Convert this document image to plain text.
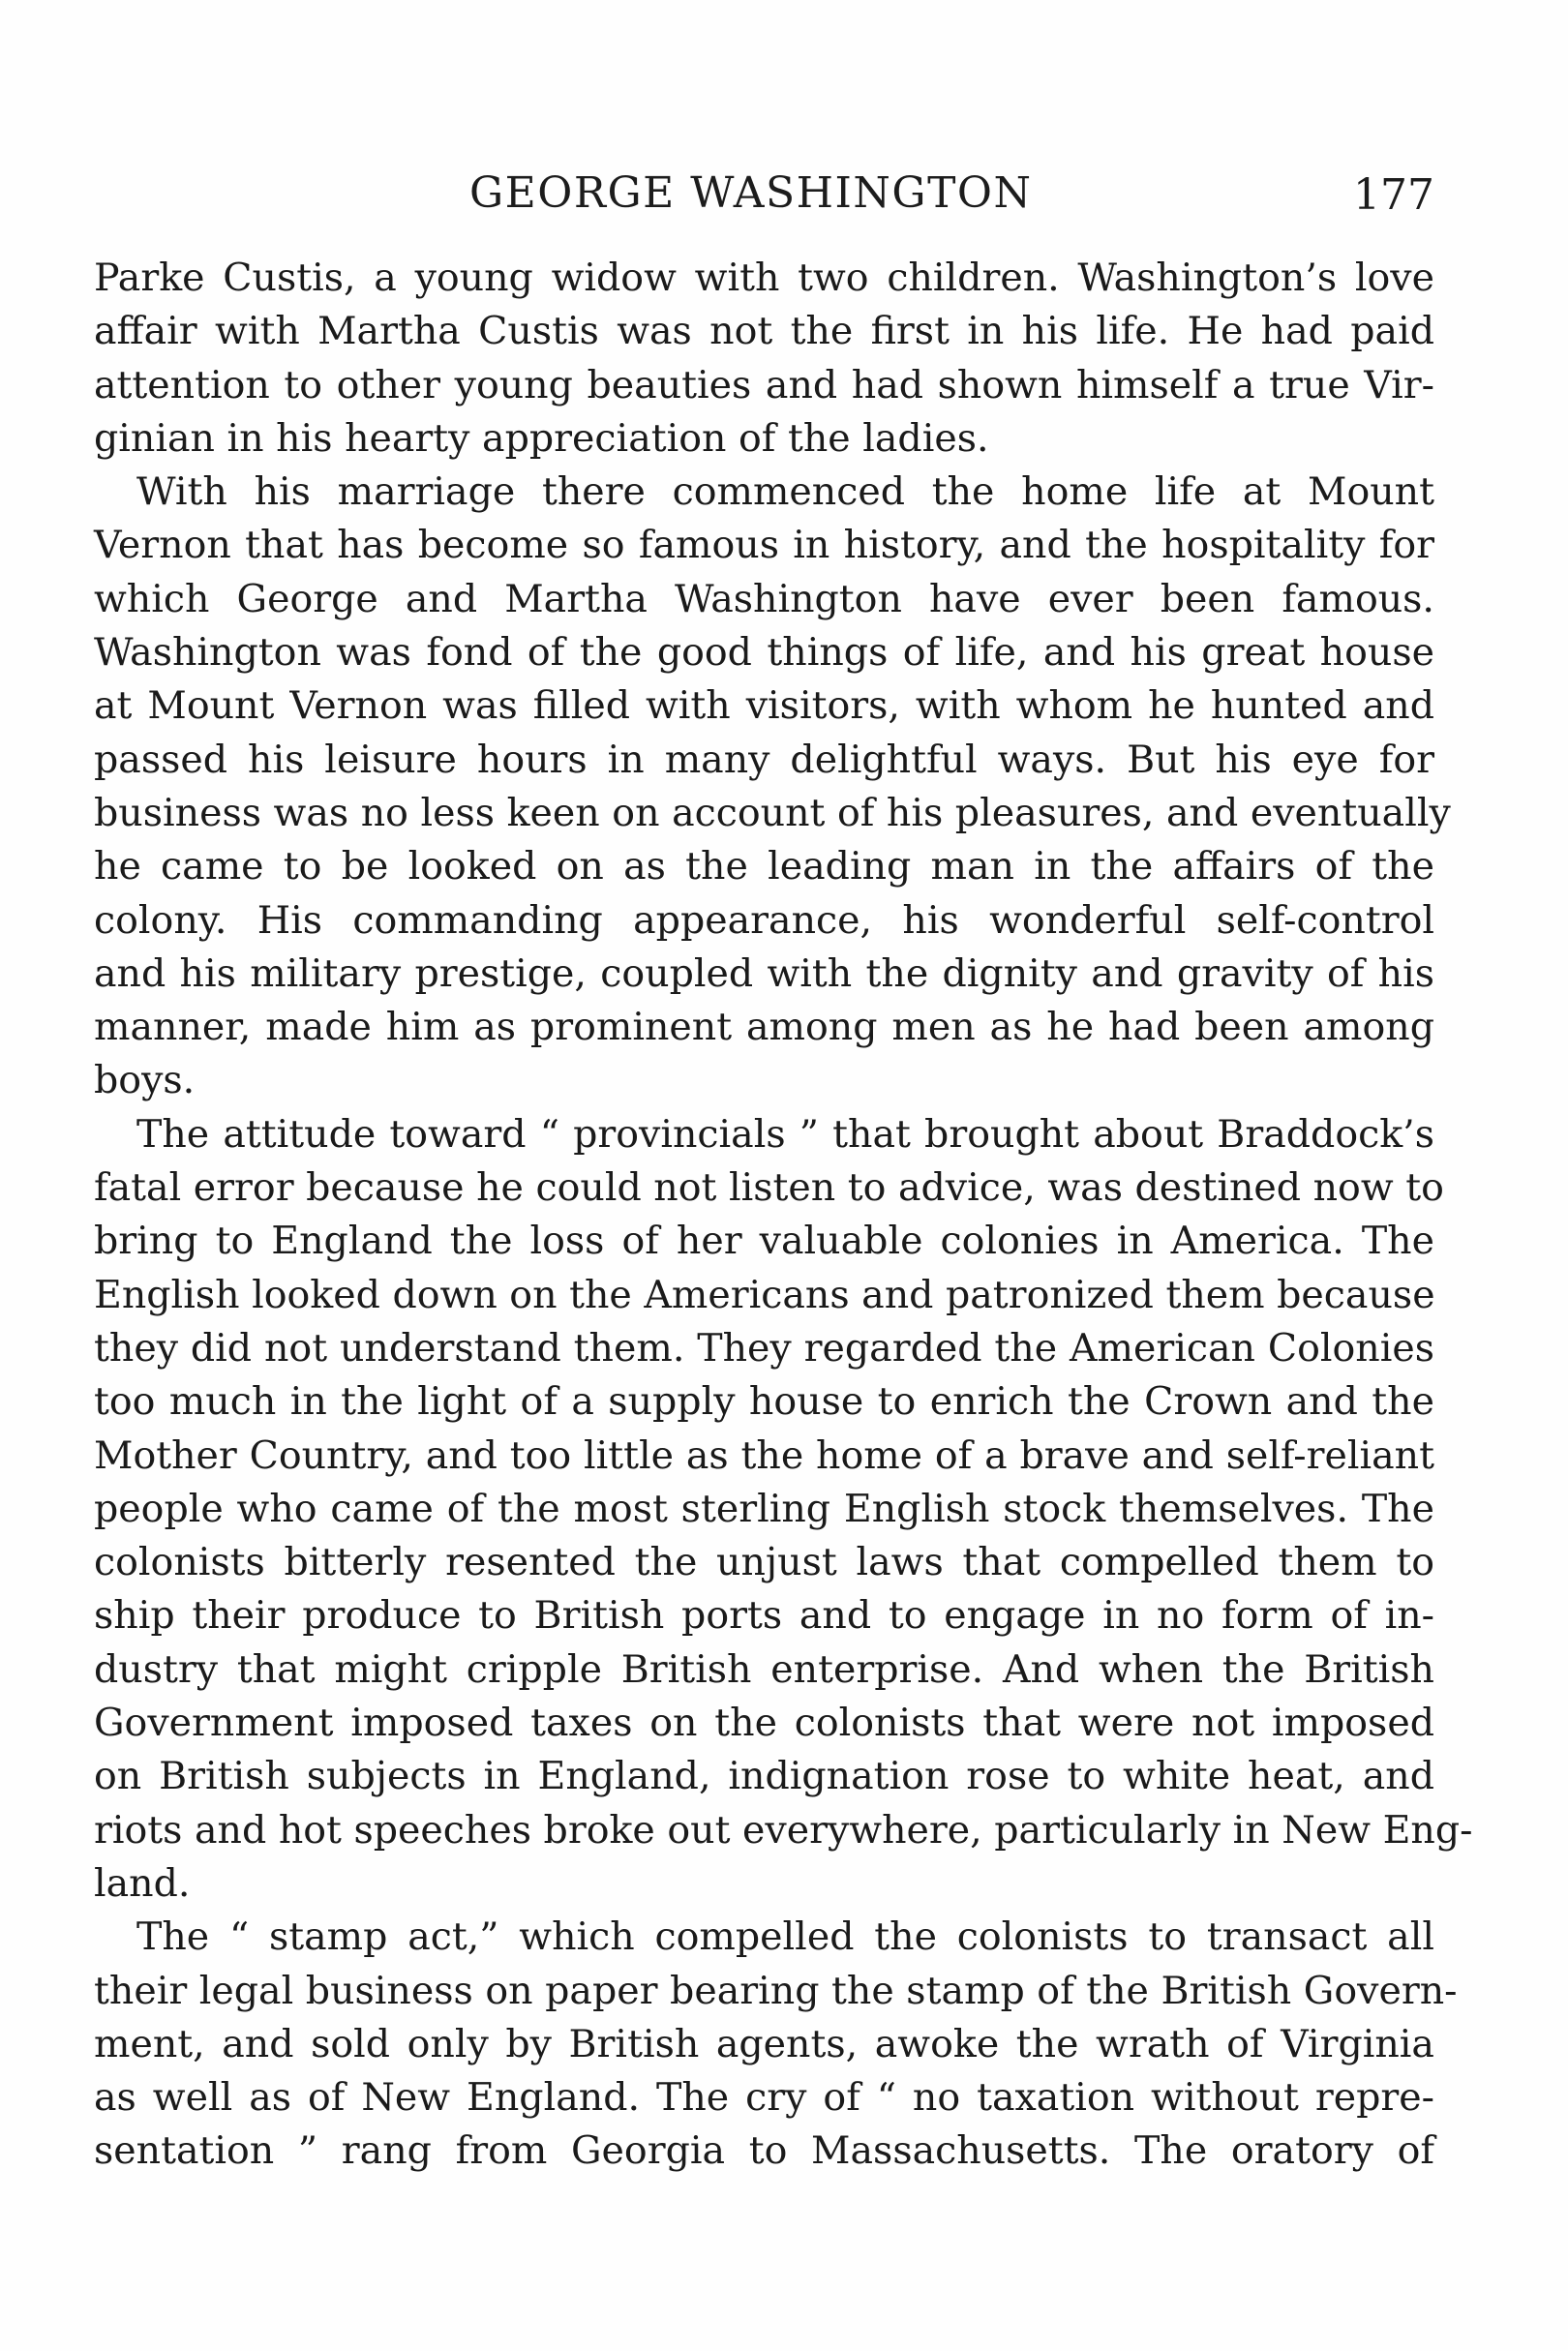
GEORGE WASHINGTON	177
Parke Custis, a young widow with two children. Washington’s love
affair with Martha Custis was not the first in his life. He had paid
attention to other young beauties and had shown himself a true Vir-
ginian in his hearty appreciation of the ladies.
With his marriage there commenced the home life at Mount
Vernon that has become so famous in history, and the hospitality for
which George and Martha Washington have ever been famous.
Washington was fond of the good things of life, and his great house
at Mount Vernon was filled with visitors, with whom he hunted and
passed his leisure hours in many delightful ways. But his eye for
business was no less keen on account of his pleasures, and eventually
he came to be looked on as the leading man in the affairs of the
colony. His commanding appearance, his wonderful self-control
and his military prestige, coupled with the dignity and gravity of his
manner, made him as prominent among men as he had been among
boys.
The attitude toward “ provincials ” that brought about Braddock’s
fatal error because he could not listen to advice, was destined now to
bring to England the loss of her valuable colonies in America. The
English looked down on the Americans and patronized them because
they did not understand them. They regarded the American Colonies
too much in the light of a supply house to enrich the Crown and the
Mother Country, and too little as the home of a brave and self-reliant
people who came of the most sterling English stock themselves. The
colonists bitterly resented the unjust laws that compelled them to
ship their produce to British ports and to engage in no form of in-
dustry that might cripple British enterprise. And when the British
Government imposed taxes on the colonists that were not imposed
on British subjects in England, indignation rose to white heat, and
riots and hot speeches broke out everywhere, particularly in New Eng-
land.
The “ stamp act,” which compelled the colonists to transact all
their legal business on paper bearing the stamp of the British Govern-
ment, and sold only by British agents, awoke the wrath of Virginia
as well as of New England. The cry of “ no taxation without repre-
sentation ” rang from Georgia to Massachusetts. The oratory of
